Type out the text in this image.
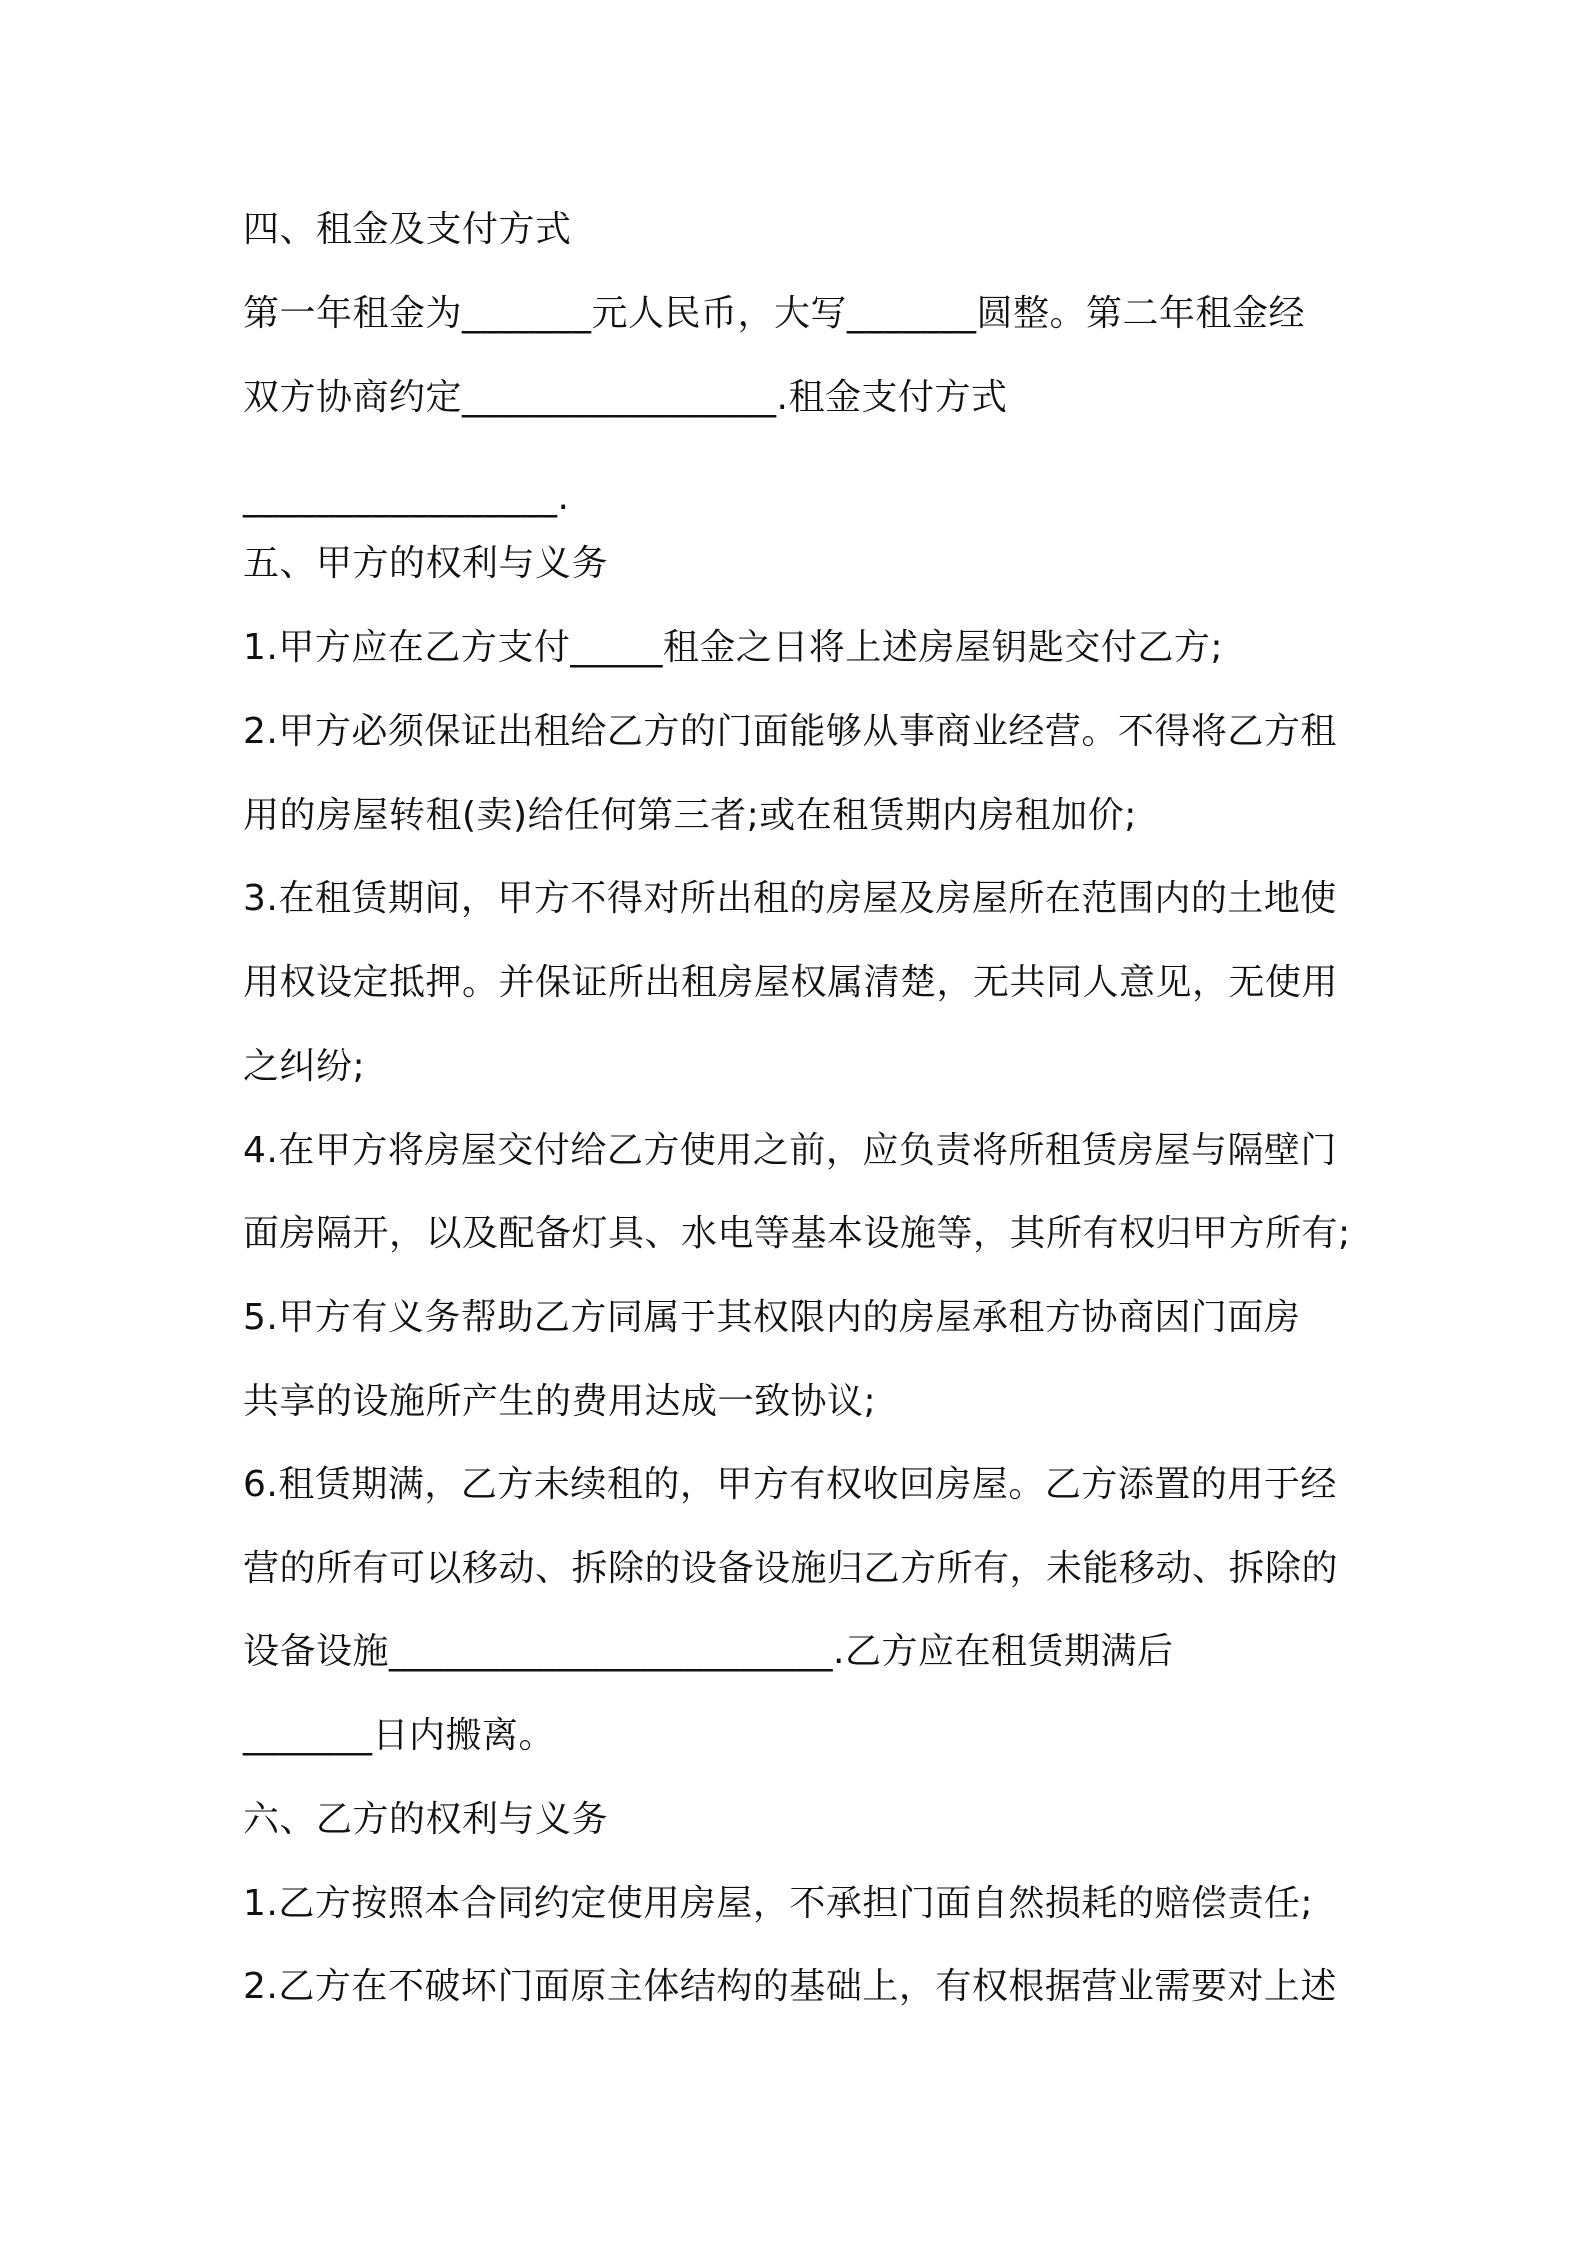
四、租金及支付方式
第一年租金为_______元人民币，大写_______圆整。第二年租金经
双方协商约定_________________.租金支付方式
_________________.
五、甲方的权利与义务
1.甲方应在乙方支付_____租金之日将上述房屋钥匙交付乙方;
2.甲方必须保证出租给乙方的门面能够从事商业经营。不得将乙方租
用的房屋转租(卖)给任何第三者;或在租赁期内房租加价;
3.在租赁期间，甲方不得对所出租的房屋及房屋所在范围内的土地使
用权设定抵押。并保证所出租房屋权属清楚，无共同人意见，无使用
之纠纷;
4.在甲方将房屋交付给乙方使用之前，应负责将所租赁房屋与隔壁门
面房隔开，以及配备灯具、水电等基本设施等，其所有权归甲方所有;
5.甲方有义务帮助乙方同属于其权限内的房屋承租方协商因门面房
共享的设施所产生的费用达成一致协议;
6.租赁期满，乙方未续租的，甲方有权收回房屋。乙方添置的用于经
营的所有可以移动、拆除的设备设施归乙方所有，未能移动、拆除的
设备设施________________________.乙方应在租赁期满后
_______日内搬离。
六、乙方的权利与义务
1.乙方按照本合同约定使用房屋，不承担门面自然损耗的赔偿责任;
2.乙方在不破坏门面原主体结构的基础上，有权根据营业需要对上述
